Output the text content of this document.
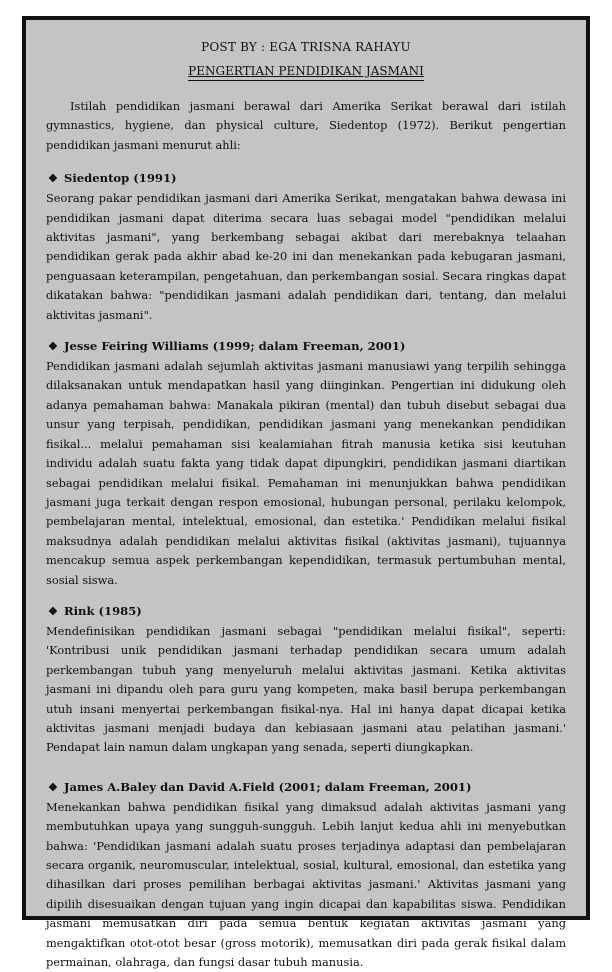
POST BY : EGA TRISNA RAHAYU
PENGERTIAN PENDIDIKAN JASMANI

Istilah pendidikan jasmani berawal dari Amerika Serikat berawal dari istilah gymnastics, hygiene, dan physical culture, Siedentop (1972). Berikut pengertian pendidikan jasmani menurut ahli:

❖ Siedentop (1991)

Seorang pakar pendidikan jasmani dari Amerika Serikat, mengatakan bahwa dewasa ini pendidikan jasmani dapat diterima secara luas sebagai model "pendidikan melalui aktivitas jasmani", yang berkembang sebagai akibat dari merebaknya telaahan pendidikan gerak pada akhir abad ke-20 ini dan menekankan pada kebugaran jasmani, penguasaan keterampilan, pengetahuan, dan perkembangan sosial. Secara ringkas dapat dikatakan bahwa: "pendidikan jasmani adalah pendidikan dari, tentang, dan melalui aktivitas jasmani".

❖ Jesse Feiring Williams (1999; dalam Freeman, 2001)

Pendidikan jasmani adalah sejumlah aktivitas jasmani manusiawi yang terpilih sehingga dilaksanakan untuk mendapatkan hasil yang diinginkan. Pengertian ini didukung oleh adanya pemahaman bahwa: Manakala pikiran (mental) dan tubuh disebut sebagai dua unsur yang terpisah, pendidikan, pendidikan jasmani yang menekankan pendidikan fisikal... melalui pemahaman sisi kealamiahan fitrah manusia ketika sisi keutuhan individu adalah suatu fakta yang tidak dapat dipungkiri, pendidikan jasmani diartikan sebagai pendidikan melalui fisikal. Pemahaman ini menunjukkan bahwa pendidikan jasmani juga terkait dengan respon emosional, hubungan personal, perilaku kelompok, pembelajaran mental, intelektual, emosional, dan estetika.' Pendidikan melalui fisikal maksudnya adalah pendidikan melalui aktivitas fisikal (aktivitas jasmani), tujuannya mencakup semua aspek perkembangan kependidikan, termasuk pertumbuhan mental, sosial siswa.

❖ Rink (1985)

Mendefinisikan pendidikan jasmani sebagai "pendidikan melalui fisikal", seperti: 'Kontribusi unik pendidikan jasmani terhadap pendidikan secara umum adalah perkembangan tubuh yang menyeluruh melalui aktivitas jasmani. Ketika aktivitas jasmani ini dipandu oleh para guru yang kompeten, maka basil berupa perkembangan utuh insani menyertai perkembangan fisikal-nya. Hal ini hanya dapat dicapai ketika aktivitas jasmani menjadi budaya dan kebiasaan jasmani atau pelatihan jasmani.' Pendapat lain namun dalam ungkapan yang senada, seperti diungkapkan.

❖ James A.Baley dan David A.Field (2001; dalam Freeman, 2001)

Menekankan bahwa pendidikan fisikal yang dimaksud adalah aktivitas jasmani yang membutuhkan upaya yang sungguh-sungguh. Lebih lanjut kedua ahli ini menyebutkan bahwa: 'Pendidikan jasmani adalah suatu proses terjadinya adaptasi dan pembelajaran secara organik, neuromuscular, intelektual, sosial, kultural, emosional, dan estetika yang dihasilkan dari proses pemilihan berbagai aktivitas jasmani.' Aktivitas jasmani yang dipilih disesuaikan dengan tujuan yang ingin dicapai dan kapabilitas siswa. Pendidikan jasmani memusatkan diri pada semua bentuk kegiatan aktivitas jasmani yang mengaktifkan otot-otot besar (gross motorik), memusatkan diri pada gerak fisikal dalam permainan, olahraga, dan fungsi dasar tubuh manusia.
